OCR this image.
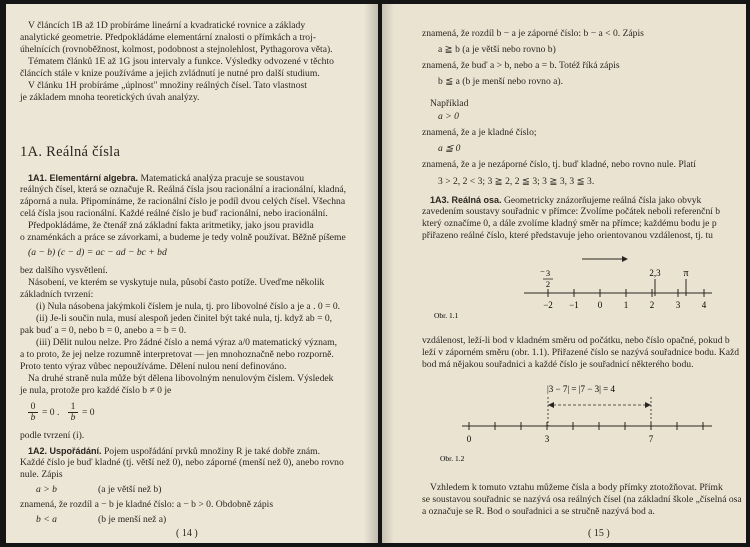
V článcích 1B až 1D probíráme lineární a kvadratické rovnice a základy
analytické geometrie. Předpokládáme elementární znalosti o přímkách a troj-
úhelnících (rovnoběžnost, kolmost, podobnost a stejnolehlost, Pythagorova věta).
Tématem článků 1E až 1G jsou intervaly a funkce. Výsledky odvozené v těchto
článcích stále v knize používáme a jejich zvládnutí je nutné pro další studium.
V článku 1H probíráme „úplnost" množiny reálných čísel. Tato vlastnost
je základem mnoha teoretických úvah analýzy.
1A. Reálná čísla
1A1. Elementární algebra. Matematická analýza pracuje se soustavou
reálných čísel, která se označuje R. Reálná čísla jsou racionální a iracionální, kladná,
záporná a nula. Připomínáme, že racionální číslo je podíl dvou celých čísel. Všechna
celá čísla jsou racionální. Každé reálné číslo je buď racionální, nebo iracionální.
Předpokládáme, že čtenář zná základní fakta aritmetiky, jako jsou pravidla
o znaménkách a práce se závorkami, a budeme je tedy volně používat. Běžně píšeme
(a − b) (c − d) = ac − ad − bc + bd
bez dalšího vysvětlení.
Násobení, ve kterém se vyskytuje nula, působí často potíže. Uveďme několik
základních tvrzení:
(i) Nula násobena jakýmkoli číslem je nula, tj. pro libovolné číslo a je a . 0 = 0.
(ii) Je-li součin nula, musí alespoň jeden činitel být také nula, tj. když ab = 0,
pak buď a = 0, nebo b = 0, anebo a = b = 0.
(iii) Dělit nulou nelze. Pro žádné číslo a nemá výraz a/0 matematický význam,
a to proto, že jej nelze rozumně interpretovat — jen mnohoznačně nebo rozporně.
Proto tento výraz vůbec nepoužíváme. Dělení nulou není definováno.
Na druhé straně nula může být dělena libovolným nenulovým číslem. Výsledek
je nula, protože pro každé číslo b ≠ 0 je
$\frac{0}{b} = 0$ . $\frac{1}{b} = 0$
podle tvrzení (i).
1A2. Uspořádání. Pojem uspořádání prvků množiny R je také dobře znám.
Každé číslo je buď kladné (tj. větší než 0), nebo záporné (menší než 0), anebo rovno
nule. Zápis
a > b	(a je větší než b)
znamená, že rozdíl a − b je kladné číslo: a − b > 0. Obdobně zápis
b < a	(b je menší než a)
( 14 )
znamená, že rozdíl b − a je záporné číslo: b − a < 0. Zápis
a ≧ b (a je větší nebo rovno b)
znamená, že buď a > b, nebo a = b. Totéž říká zápis
b ≦ a (b je menší nebo rovno a).
Například
a > 0
znamená, že a je kladné číslo;
a ≦ 0
znamená, že a je nezáporné číslo, tj. buď kladné, nebo rovno nule. Platí
3 > 2, 2 < 3; 3 ≧ 2, 2 ≦ 3; 3 ≧ 3, 3 ≦ 3.
1A3. Reálná osa. Geometricky znázorňujeme reálná čísla jako obvyk
zavedením soustavy souřadnic v přímce: Zvolíme počátek neboli referenční b
který označíme 0, a dále zvolíme kladný směr na přímce; každému bodu je p
přiřazeno reálné číslo, které představuje jeho orientovanou vzdálenost, tj. tu
−2 −1 0 1 2 3 4
3
−
2
2,3 π
Obr. 1.1
|3 − 7| = |7 − 3| = 4
0	3	7
Obr. 1.2
vzdálenost, leží-li bod v kladném směru od počátku, nebo číslo opačné, pokud b
leží v záporném směru (obr. 1.1). Přiřazené číslo se nazývá souřadnice bodu. Každ
bod má nějakou souřadnici a každé číslo je souřadnicí některého bodu.
Vzhledem k tomuto vztahu můžeme čísla a body přímky ztotožňovat. Přímk
se soustavou souřadnic se nazývá osa reálných čísel (na základní škole „číselná osa
a označuje se R. Bod o souřadnici a se stručně nazývá bod a.
( 15 )
